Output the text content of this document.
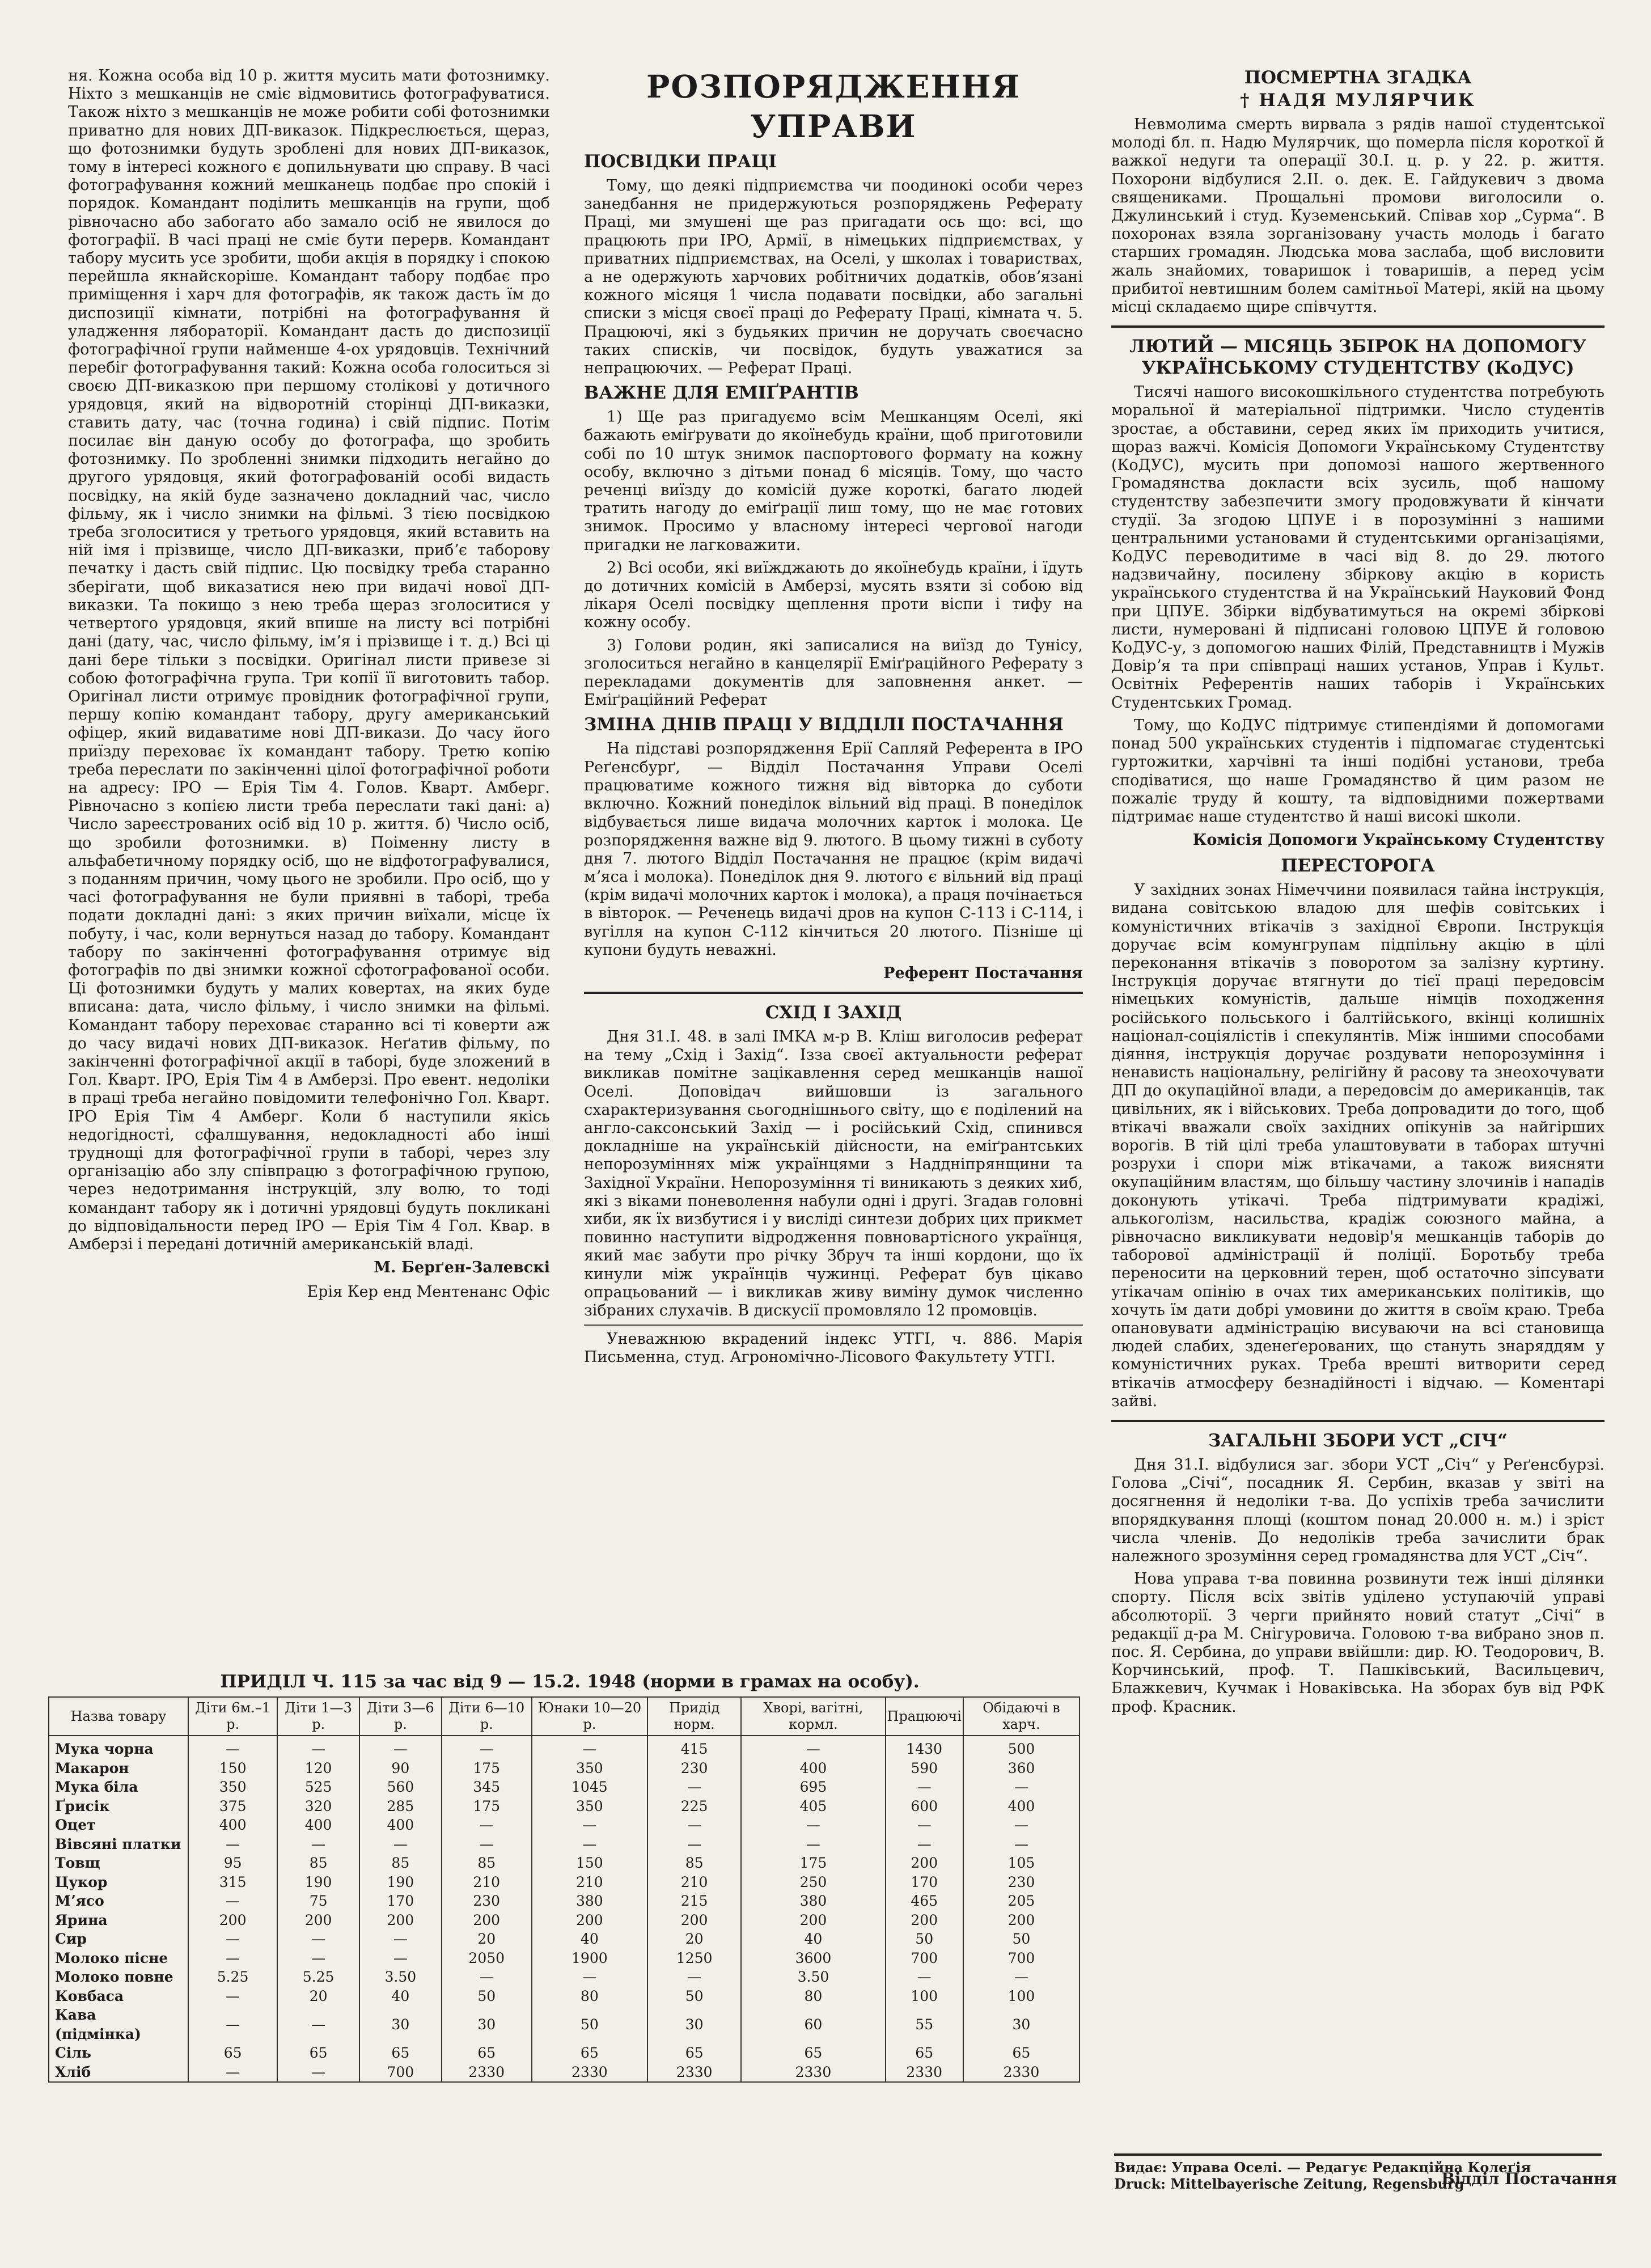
ня. Кожна особа від 10 р. життя мусить мати фотознимку. Ніхто з мешканців не сміє відмовитись фотографуватися. Також ніхто з мешканців не може робити собі фотознимки приватно для нових ДП-виказок. Підкреслюється, щераз, що фотознимки будуть зроблені для нових ДП-виказок, тому в інтересі кожного є допильнувати цю справу. В часі фотографування кожний мешканець подбає про спокій і порядок. Командант поділить мешканців на групи, щоб рівночасно або забогато або замало осіб не явилося до фотографії. В часі праці не сміє бути перерв. Командант табору мусить усе зробити, щоби акція в порядку і спокою перейшла якнайскоріше. Командант табору подбає про приміщення і харч для фотографів, як також дасть їм до диспозиції кімнати, потрібні на фотографування й уладження лябораторії. Командант дасть до диспозиції фотографічної групи найменше 4-ох урядовців. Технічний перебіг фотографування такий: Кожна особа голоситься зі своєю ДП-виказкою при першому століковi у дотичного урядовця, який на відворотній сторінці ДП-виказки, ставить дату, час (точна година) і свій підпис. Потім посилає він даную особу до фотографа, що зробить фотознимку. По зробленні знимки підходить негайно до другого урядовця, який фотографованій особі видасть посвідку, на якій буде зазначено докладний час, число фільму, як і число знимки на фільмі. З тією посвідкою треба зголоситися у третього урядовця, який вставить на ній імя і прізвище, число ДП-виказки, прибʼє таборову печатку і дасть свій підпис. Цю посвідку треба старанно зберігати, щоб виказатися нею при видачі нової ДП-виказки. Та покищо з нею треба щераз зголоситися у четвертого урядовця, який впише на листу всі потрібні дані (дату, час, число фільму, імʼя і прізвище і т. д.) Всі ці дані бере тільки з посвідки. Оригінал листи привезе зі собою фотографічна група. Три копії її виготовить табор. Оригінал листи отримує провідник фотографічної групи, першу копію командант табору, другу американський офіцер, який видаватиме нові ДП-викази. До часу його приїзду переховає їх командант табору. Третю копію треба переслати по закінченні цілої фотографічної роботи на адресу: IPO — Ерія Тім 4. Голов. Кварт. Амберг. Рівночасно з копією листи треба переслати такі дані: а) Число зареєстрованих осіб від 10 р. життя. б) Число осіб, що зробили фотознимки. в) Поіменну листу в альфабетичному порядку осіб, що не відфотографувалися, з поданням причин, чому цього не зробили. Про осіб, що у часі фотографування не були приявні в таборі, треба подати докладні дані: з яких причин виїхали, місце їх побуту, і час, коли вернуться назад до табору. Командант табору по закінченні фотографування отримує від фотографів по дві знимки кожної сфотографованої особи. Ці фотознимки будуть у малих ковертах, на яких буде вписана: дата, число фільму, і число знимки на фільмі. Командант табору переховає старанно всі ті коверти аж до часу видачі нових ДП-виказок. Неґатив фільму, по закінченні фотографічної акції в таборі, буде зложений в Гол. Кварт. IPO, Ерія Тім 4 в Амберзі. Про евент. недоліки в праці треба негайно повідомити телефонічно Гол. Кварт. IPO Ерія Тім 4 Амберг. Коли б наступили якісь недогідності, сфалшування, недокладності або інші труднощі для фотографічної групи в таборі, через злу організацію або злу співпрацю з фотографічною групою, через недотримання інструкцій, злу волю, то тоді командант табору як і дотичні урядовці будуть покликані до відповідальности перед IPO — Ерія Тім 4 Гол. Квар. в Амберзі і передані дотичній американській владі.

М. Берґен-Залевскі
Ерія Кер енд Ментенанс Офіс
РОЗПОРЯДЖЕННЯ УПРАВИ
ПОСВІДКИ ПРАЦІ

Тому, що деякі підприємства чи поодинокі особи через занедбання не придержуються розпоряджень Реферату Праці, ми змушені ще раз пригадати ось що: всі, що працюють при IPO, Армії, в німецьких підприємствах, у приватних підприємствах, на Оселі, у школах і товариствах, а не одержують харчових робітничих додатків, обовʼязані кожного місяця 1 числа подавати посвідки, або загальні списки з місця своєї праці до Реферату Праці, кімната ч. 5. Працюючі, які з будьяких причин не доручать своєчасно таких списків, чи посвідок, будуть уважатися за непрацюючих. — Реферат Праці.

ВАЖНЕ ДЛЯ ЕМІҐРАНТІВ

1) Ще раз пригадуємо всім Мешканцям Оселі, які бажають еміґрувати до якоїнебудь країни, щоб приготовили собі по 10 штук знимок паспортового формату на кожну особу, включно з дітьми понад 6 місяців. Тому, що часто реченці виїзду до комісій дуже короткі, багато людей тратить нагоду до еміґрації лиш тому, що не має готових знимок. Просимо у власному інтересі чергової нагоди пригадки не лагковажити.

2) Всі особи, які виїжджають до якоїнебудь країни, і їдуть до дотичних комісій в Амберзі, мусять взяти зі собою від лікаря Оселі посвідку щеплення проти віспи і тифу на кожну особу.

3) Голови родин, які записалися на виїзд до Тунісу, зголоситься негайно в канцелярії Еміґраційного Реферату з перекладами документів для заповнення анкет. — Еміґраційний Реферат

ЗМІНА ДНІВ ПРАЦІ У ВІДДІЛІ ПОСТАЧАННЯ

На підставі розпорядження Ерії Сапляй Референта в IPO Реґенсбурґ, — Відділ Постачання Управи Оселі працюватиме кожного тижня від вівторка до суботи включно. Кожний понеділок вільний від праці. В понеділок відбувається лише видача молочних карток і молока. Це розпорядження важне від 9. лютого. В цьому тижні в суботу дня 7. лютого Відділ Постачання не працює (крім видачі мʼяса і молока). Понеділок дня 9. лютого є вільний від праці (крім видачі молочних карток і молока), а праця почінається в вівторок. — Реченець видачі дров на купон С-113 і С-114, і вугілля на купон С-112 кінчиться 20 лютого. Пізніше ці купони будуть неважні.

Референт Постачання
СХІД І ЗАХІД

Дня 31.I. 48. в залі IMKA м-р В. Кліш виголосив реферат на тему „Схід і Захід“. Ізза своєї актуальности реферат викликав помітне зацікавлення серед мешканців нашої Оселі. Доповідач вийшовши із загального схарактеризування сьогоднішнього світу, що є поділений на англо-саксонський Захід — і російський Схід, спинився докладніше на українській дійсности, на еміґрантських непорозуміннях між українцями з Наддніпрянщини та Західної України. Непорозуміння ті виникають з деяких хиб, які з віками поневолення набули одні і другі. Згадав головні хиби, як їх визбутися і у висліді синтези добрих цих прикмет повинно наступити відродження повновартісного українця, який має забути про річку Збруч та інші кордони, що їх кинули між українців чужинці. Реферат був цікаво опрацьований — і викликав живу виміну думок численно зібраних слухачів. В дискусії промовляло 12 промовців.

Уневажнюю вкрадений індекс УТГІ, ч. 886. Марія Письменна, студ. Агрономічно-Лісового Факультету УТГІ.

ПОСМЕРТНА ЗГАДКА
† НАДЯ МУЛЯРЧИК

Невмолима смерть вирвала з рядів нашої студентської молоді бл. п. Надю Мулярчик, що померла після короткої й важкої недуги та операції 30.I. ц. р. у 22. р. життя. Похорони відбулися 2.II. о. дек. Е. Гайдукевич з двома священиками. Прощальні промови виголосили о. Джулинський і студ. Куземенський. Співав хор „Сурма“. В похоронах взяла зорганізовану участь молодь і багато старших громадян. Людська мова заслаба, щоб висловити жаль знайомих, товаришок і товаришів, а перед усім прибитої невтишним болем самітньої Матері, якій на цьому місці складаємо щире співчуття.

ЛЮТИЙ — МІСЯЦЬ ЗБІРОК НА ДОПОМОГУ УКРАЇНСЬКОМУ СТУДЕНТСТВУ (КоДУС)

Тисячі нашого високошкільного студентства потребують моральної й матеріальної підтримки. Число студентів зростає, а обставини, серед яких їм приходить учитися, щораз важчі. Комісія Допомоги Українському Студентству (КоДУС), мусить при допомозі нашого жертвенного Громадянства докласти всіх зусиль, щоб нашому студентству забезпечити змогу продовжувати й кінчати студії. За згодою ЦПУЕ і в порозумінні з нашими центральними установами й студентськими організаціями, КоДУС переводитиме в часі від 8. до 29. лютого надзвичайну, посилену збіркову акцію в користь українського студентства й на Український Науковий Фонд при ЦПУЕ. Збірки відбуватимуться на окремі збіркові листи, нумеровані й підписані головою ЦПУЕ й головою КоДУС-у, з допомогою наших Філій, Представництв і Мужів Довірʼя та при співпраці наших установ, Управ і Культ. Освітніх Референтів наших таборів і Українських Студентських Громад.

Тому, що КоДУС підтримує стипендіями й допомогами понад 500 українських студентів і підпомагає студентські гуртожитки, харчівні та інші подібні установи, треба сподіватися, що наше Громадянство й цим разом не пожаліє труду й кошту, та відповідними пожертвами підтримає наше студентство й наші високі школи.

Комісія Допомоги Українському Студентству
ПЕРЕСТОРОГА

У західних зонах Німеччини появилася тайна інструкція, видана совітською владою для шефів совітських і комуністичних втікачів з західної Європи. Інструкція доручає всім комунгрупам підпільну акцію в цілі переконання втікачів з поворотом за залізну куртину. Інструкція доручає втягнути до тієї праці передовсім німецьких комуністів, дальше німців походження російського польського і балтійського, вкінці колишніх націонал-соціялістів і спекулянтів. Між іншими способами діяння, інструкція доручає роздувати непорозуміння і ненависть національну, релігійну й расову та знеохочувати ДП до окупаційної влади, а передовсім до американців, так цивільних, як і військових. Треба допровадити до того, щоб втікачі вважали своїх західних опікунів за найгірших ворогів. В тій цілі треба улаштовувати в таборах штучні розрухи і спори між втікачами, а також виясняти окупаційним властям, що більшу частину злочинів і нападів доконують утікачі. Треба підтримувати крадіжі, алькоголізм, насильства, крадіж союзного майна, а рівночасно викликувати недовір'я мешканців таборів до таборової адміністрації й поліції. Боротьбу треба переносити на церковний терен, щоб остаточно зіпсувати утікачам опінію в очах тих американських політиків, що хочуть їм дати добрі умовини до життя в своїм краю. Треба опановувати адміністрацію висуваючи на всі становища людей слабих, зденеґерованих, що стануть знаряддям у комуністичних руках. Треба врешті витворити серед втікачів атмосферу безнадійності і відчаю. — Коментарі зайві.

ЗАГАЛЬНІ ЗБОРИ УСТ „СІЧ“

Дня 31.I. відбулися заг. збори УСТ „Січ“ у Реґенсбурзі. Голова „Січі“, посадник Я. Сербин, вказав у звіті на досягнення й недоліки т-ва. До успіхів треба зачислити впорядкування площі (коштом понад 20.000 н. м.) і зріст числа членів. До недоліків треба зачислити брак належного зрозуміння серед громадянства для УСТ „Січ“.

Нова управа т-ва повинна розвинути теж інші ділянки спорту. Після всіх звітів уділено уступаючій управі абсолюторії. З черги прийнято новий статут „Січі“ в редакції д-ра М. Снігуровича. Головою т-ва вибрано знов п. пос. Я. Сербина, до управи ввійшли: дир. Ю. Теодорович, В. Корчинський, проф. Т. Пашківський, Васильцевич, Блажкевич, Кучмак і Новаківська. На зборах був від РФК проф. Красник.

ПРИДІЛ Ч. 115 за час від 9 — 15.2. 1948 (норми в грамах на особу).
Назва товару	Діти 6м.–1 р.	Діти 1—3 р.	Діти 3—6 р.	Діти 6—10 р.	Юнаки 10—20 р.	Придід норм.	Хворі, вагітні, кормл.	Працюючі	Обідаючі в харч.
Мука чорна	—	—	—	—	—	415	—	1430	500
Макарон	150	120	90	175	350	230	400	590	360
Мука біла	350	525	560	345	1045	—	695	—	—
Ґрисік	375	320	285	175	350	225	405	600	400
Оцет	400	400	400	—	—	—	—	—	—
Вівсяні платки	—	—	—	—	—	—	—	—	—
Товщ	95	85	85	85	150	85	175	200	105
Цукор	315	190	190	210	210	210	250	170	230
Мʼясо	—	75	170	230	380	215	380	465	205
Ярина	200	200	200	200	200	200	200	200	200
Сир	—	—	—	20	40	20	40	50	50
Молоко пісне	—	—	—	2050	1900	1250	3600	700	700
Молоко повне	5.25	5.25	3.50	—	—	—	3.50	—	—
Ковбаса	—	20	40	50	80	50	80	100	100
Кава (підмінка)	—	—	30	30	50	30	60	55	30
Сіль	65	65	65	65	65	65	65	65	65
Хліб	—	—	700	2330	2330	2330	2330	2330	2330
Відділ Постачання
Видає: Управа Оселі. — Редагує Редакційна Колеґія
Druck: Mittelbayerische Zeitung, Regensburg
